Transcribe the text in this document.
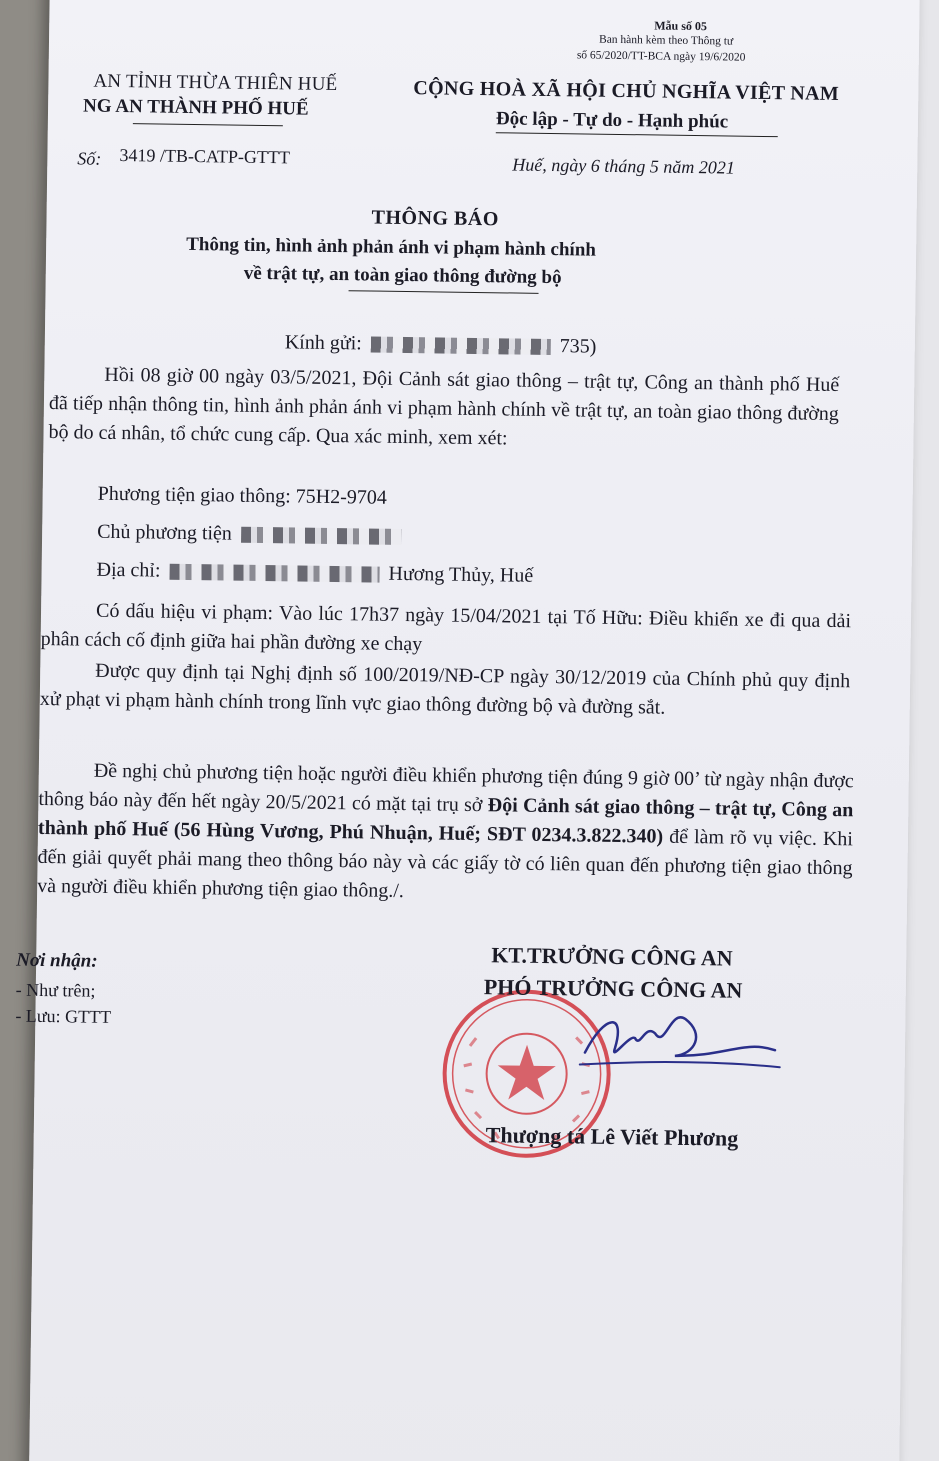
Mẫu số 05
Ban hành kèm theo Thông tư
số 65/2020/TT-BCA ngày 19/6/2020
AN TỈNH THỪA THIÊN HUẾ
NG AN THÀNH PHỐ HUẾ
CỘNG HOÀ XÃ HỘI CHỦ NGHĨA VIỆT NAM
Độc lập - Tự do - Hạnh phúc
Số: 3419 /TB-CATP-GTTT	Huế, ngày 6 tháng 5 năm 2021
THÔNG BÁO
Thông tin, hình ảnh phản ánh vi phạm hành chính
về trật tự, an toàn giao thông đường bộ
Kính gửi:	735)
Hồi 08 giờ 00 ngày 03/5/2021, Đội Cảnh sát giao thông – trật tự, Công an thành phố Huế đã tiếp nhận thông tin, hình ảnh phản ánh vi phạm hành chính về trật tự, an toàn giao thông đường bộ do cá nhân, tổ chức cung cấp. Qua xác minh, xem xét:
Phương tiện giao thông: 75H2-9704
Chủ phương tiện
Địa chỉ:	Hương Thủy, Huế
Có dấu hiệu vi phạm: Vào lúc 17h37 ngày 15/04/2021 tại Tố Hữu: Điều khiển xe đi qua dải phân cách cố định giữa hai phần đường xe chạy
Được quy định tại Nghị định số 100/2019/NĐ-CP ngày 30/12/2019 của Chính phủ quy định xử phạt vi phạm hành chính trong lĩnh vực giao thông đường bộ và đường sắt.
Đề nghị chủ phương tiện hoặc người điều khiển phương tiện đúng 9 giờ 00’ từ ngày nhận được thông báo này đến hết ngày 20/5/2021 có mặt tại trụ sở Đội Cảnh sát giao thông – trật tự, Công an thành phố Huế (56 Hùng Vương, Phú Nhuận, Huế; SĐT 0234.3.822.340) để làm rõ vụ việc. Khi đến giải quyết phải mang theo thông báo này và các giấy tờ có liên quan đến phương tiện giao thông và người điều khiển phương tiện giao thông./.
Nơi nhận:
- Như trên;
- Lưu: GTTT
KT.TRƯỞNG CÔNG AN
PHÓ TRƯỞNG CÔNG AN
Thượng tá Lê Viết Phương
